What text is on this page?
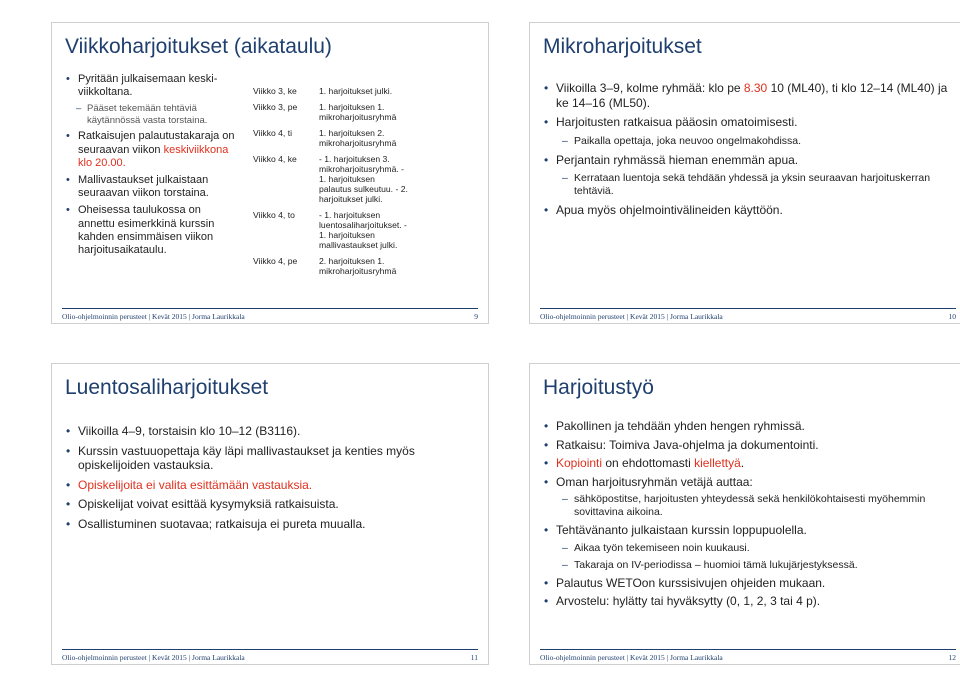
Viikkoharjoitukset (aikataulu)
• Pyritään julkaisemaan keski-viikkoltana.
– Pääset tekemään tehtäviä käytännössä vasta torstaina.
• Ratkaisujen palautustakaraja on seuraavan viikon keskiviikkona klo 20.00.
• Mallivastaukset julkaistaan seuraavan viikon torstaina.
• Oheisessa taulukossa on annettu esimerkkinä kurssin kahden ensimmäisen viikon harjoitusaikataulu.
Viikko 3, ke	1. harjoitukset julki.
Viikko 3, pe	1. harjoituksen 1. mikroharjoitusryhmä
Viikko 4, ti	1. harjoituksen 2. mikroharjoitusryhmä
Viikko 4, ke	- 1. harjoituksen 3. mikroharjoitusryhmä. - 1. harjoituksen palautus sulkeutuu. - 2. harjoitukset julki.
Viikko 4, to	- 1. harjoituksen luentosaliharjoitukset. - 1. harjoituksen mallivastaukset julki.
Viikko 4, pe	2. harjoituksen 1. mikroharjoitusryhmä
Olio-ohjelmoinnin perusteet | Kevät 2015 | Jorma Laurikkala	9
Mikroharjoitukset
• Viikoilla 3–9, kolme ryhmää: klo pe 8.30 10 (ML40), ti klo 12–14 (ML40) ja ke 14–16 (ML50).
• Harjoitusten ratkaisua pääosin omatoimisesti.
– Paikalla opettaja, joka neuvoo ongelmakohdissa.
• Perjantain ryhmässä hieman enemmän apua.
– Kerrataan luentoja sekä tehdään yhdessä ja yksin seuraavan harjoituskerran tehtäviä.
• Apua myös ohjelmointivälineiden käyttöön.
Olio-ohjelmoinnin perusteet | Kevät 2015 | Jorma Laurikkala	10
Luentosaliharjoitukset
• Viikoilla 4–9, torstaisin klo 10–12 (B3116).
• Kurssin vastuuopettaja käy läpi mallivastaukset ja kenties myös opiskelijoiden vastauksia.
• Opiskelijoita ei valita esittämään vastauksia.
• Opiskelijat voivat esittää kysymyksiä ratkaisuista.
• Osallistuminen suotavaa; ratkaisuja ei pureta muualla.
Olio-ohjelmoinnin perusteet | Kevät 2015 | Jorma Laurikkala	11
Harjoitustyö
• Pakollinen ja tehdään yhden hengen ryhmissä.
• Ratkaisu: Toimiva Java-ohjelma ja dokumentointi.
• Kopiointi on ehdottomasti kiellettyä.
• Oman harjoitusryhmän vetäjä auttaa:
– sähköpostitse, harjoitusten yhteydessä sekä henkilökohtaisesti myöhemmin sovittavina aikoina.
• Tehtävänanto julkaistaan kurssin loppupuolella.
– Aikaa työn tekemiseen noin kuukausi.
– Takaraja on IV-periodissa – huomioi tämä lukujärjestyksessä.
• Palautus WETOon kurssisivujen ohjeiden mukaan.
• Arvostelu: hylätty tai hyväksytty (0, 1, 2, 3 tai 4 p).
Olio-ohjelmoinnin perusteet | Kevät 2015 | Jorma Laurikkala	12
